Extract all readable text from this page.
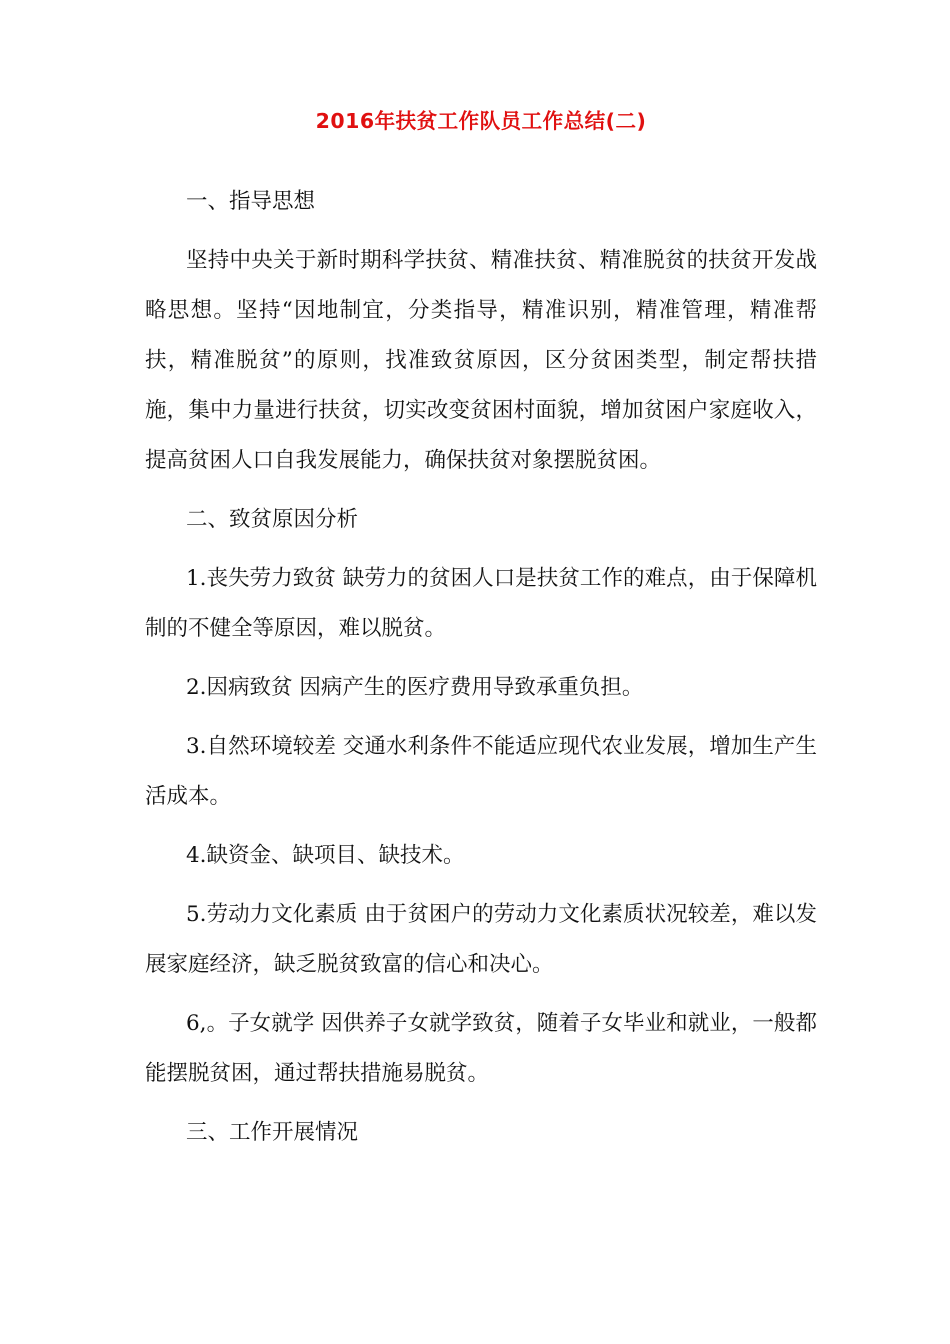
2016年扶贫工作队员工作总结(二)

一、指导思想

坚持中央关于新时期科学扶贫、精准扶贫、精准脱贫的扶贫开发战略思想。坚持“因地制宜，分类指导，精准识别，精准管理，精准帮扶，精准脱贫”的原则，找准致贫原因，区分贫困类型，制定帮扶措施，集中力量进行扶贫，切实改变贫困村面貌，增加贫困户家庭收入，提高贫困人口自我发展能力，确保扶贫对象摆脱贫困。

二、致贫原因分析

1.丧失劳力致贫 缺劳力的贫困人口是扶贫工作的难点，由于保障机制的不健全等原因，难以脱贫。

2.因病致贫 因病产生的医疗费用导致承重负担。

3.自然环境较差 交通水利条件不能适应现代农业发展，增加生产生活成本。

4.缺资金、缺项目、缺技术。

5.劳动力文化素质 由于贫困户的劳动力文化素质状况较差，难以发展家庭经济，缺乏脱贫致富的信心和决心。

6,。子女就学 因供养子女就学致贫，随着子女毕业和就业，一般都能摆脱贫困，通过帮扶措施易脱贫。

三、工作开展情况
